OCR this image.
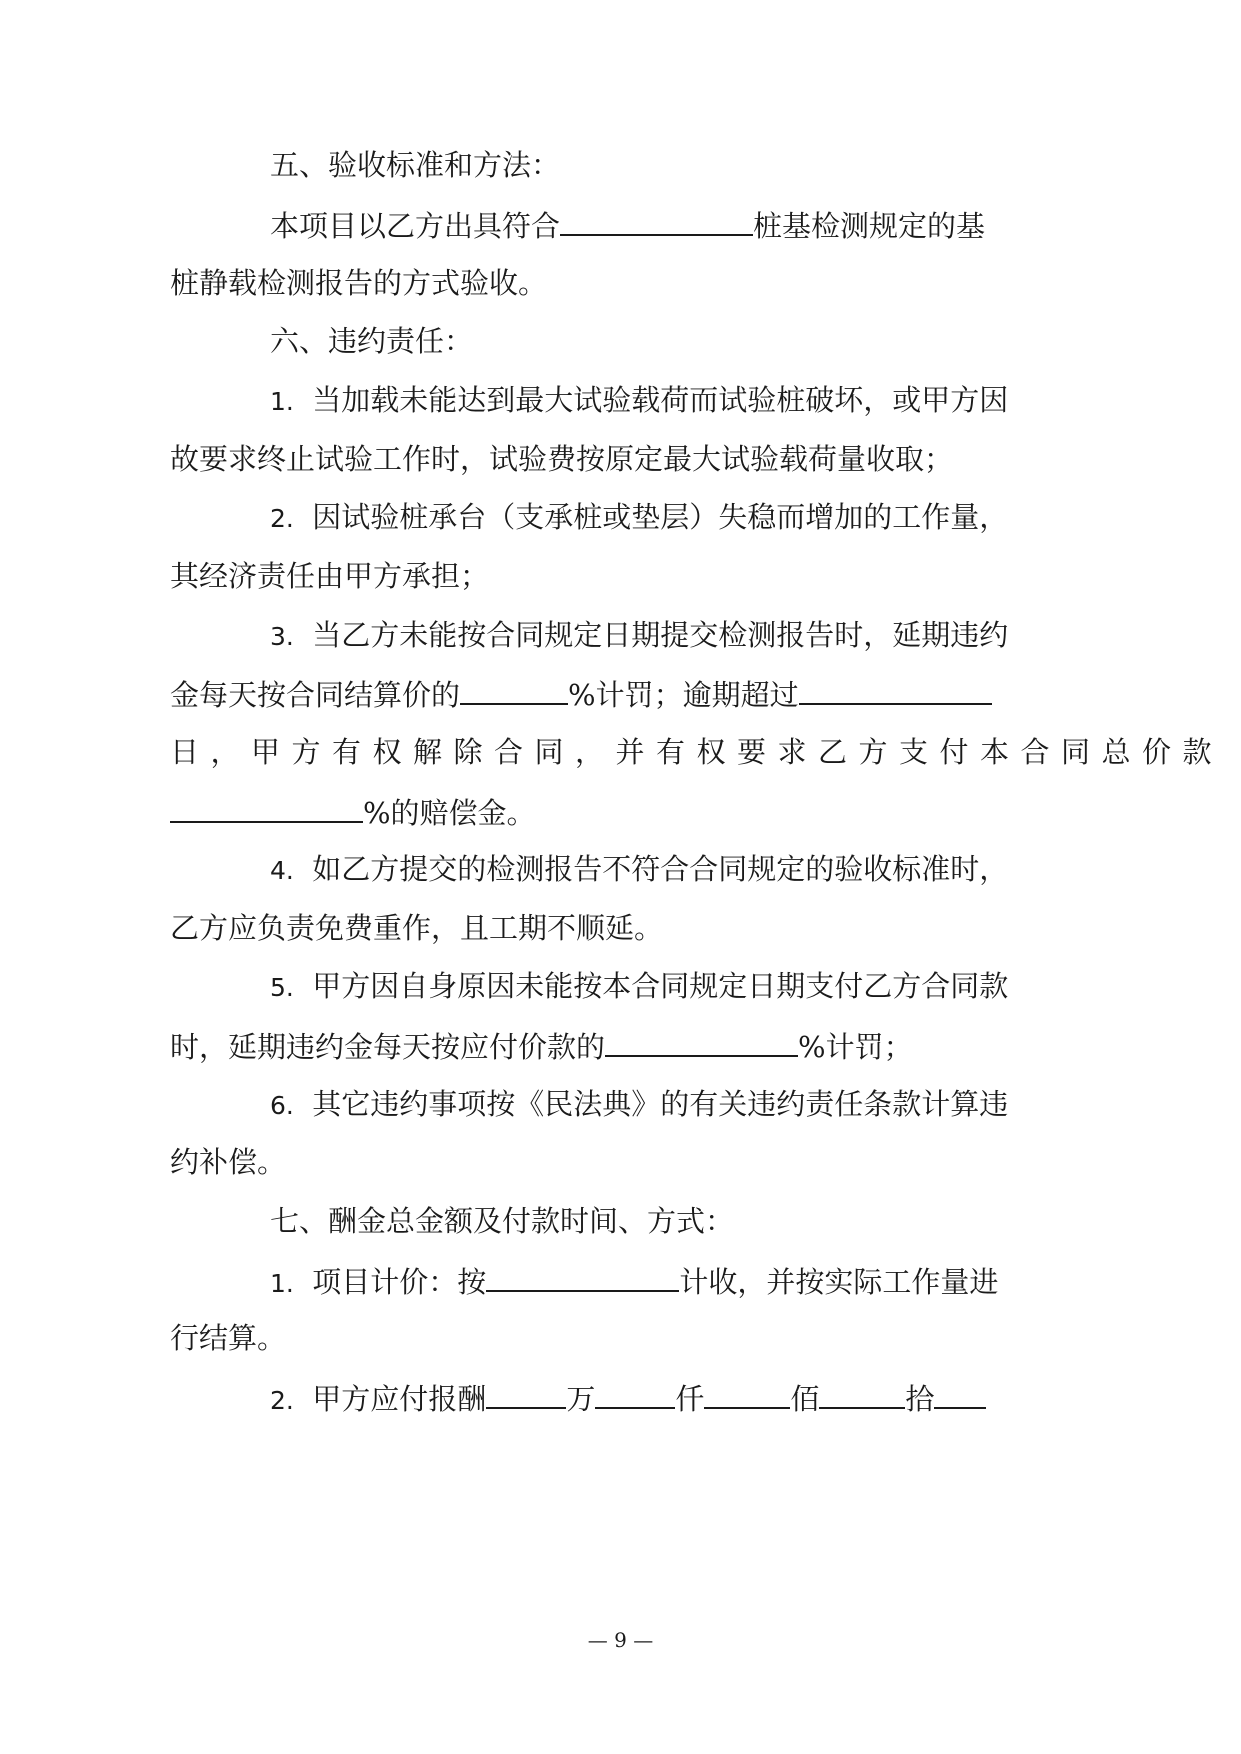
五、验收标准和方法：
本项目以乙方出具符合	桩基检测规定的基
桩静载检测报告的方式验收。
六、违约责任：
1. 当加载未能达到最大试验载荷而试验桩破坏，或甲方因
故要求终止试验工作时，试验费按原定最大试验载荷量收取；
2. 因试验桩承台（支承桩或垫层）失稳而增加的工作量，
其经济责任由甲方承担；
3. 当乙方未能按合同规定日期提交检测报告时，延期违约
金每天按合同结算价的	%计罚；逾期超过
日，甲方有权解除合同，并有权要求乙方支付本合同总价款
%的赔偿金。
4. 如乙方提交的检测报告不符合合同规定的验收标准时，
乙方应负责免费重作，且工期不顺延。
5. 甲方因自身原因未能按本合同规定日期支付乙方合同款
时，延期违约金每天按应付价款的	%计罚；
6. 其它违约事项按《民法典》的有关违约责任条款计算违
约补偿。
七、酬金总金额及付款时间、方式：
1. 项目计价：按	计收，并按实际工作量进
行结算。
2. 甲方应付报酬	万	仟	佰	拾
— 9 —
